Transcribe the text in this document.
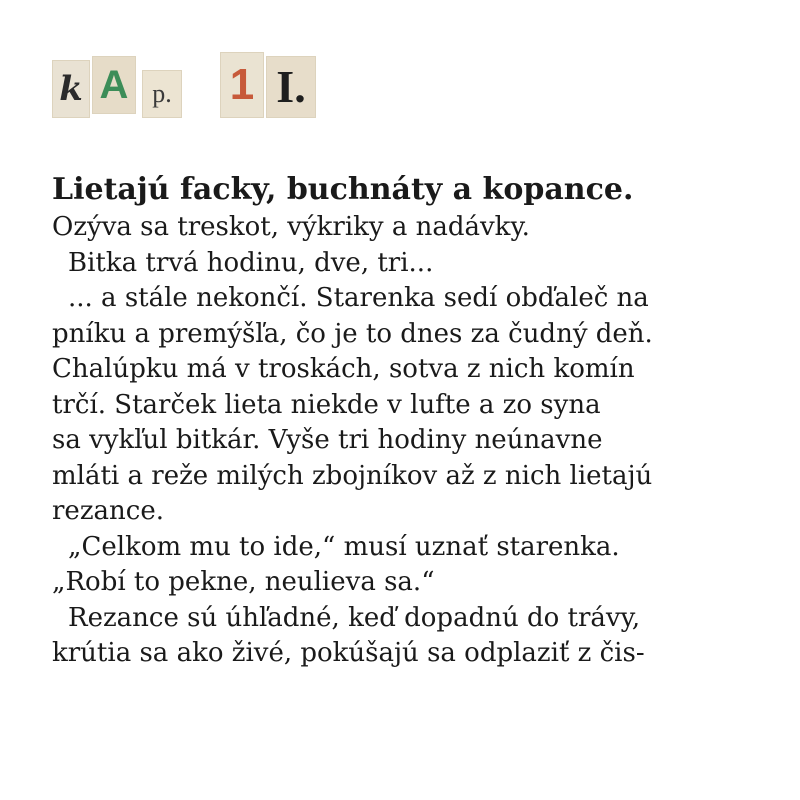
k A p. 1 I.
Lietajú facky, buchnáty a kopance.
Ozýva sa treskot, výkriky a nadávky.
Bitka trvá hodinu, dve, tri...
... a stále nekončí. Starenka sedí obďaleč na
pníku a premýšľa, čo je to dnes za čudný deň.
Chalúpku má v troskách, sotva z nich komín
trčí. Starček lieta niekde v lufte a zo syna
sa vykľul bitkár. Vyše tri hodiny neúnavne
mláti a reže milých zbojníkov až z nich lietajú
rezance.
„Celkom mu to ide,“ musí uznať starenka.
„Robí to pekne, neulieva sa.“
Rezance sú úhľadné, keď dopadnú do trávy,
krútia sa ako živé, pokúšajú sa odplaziť z čis-
